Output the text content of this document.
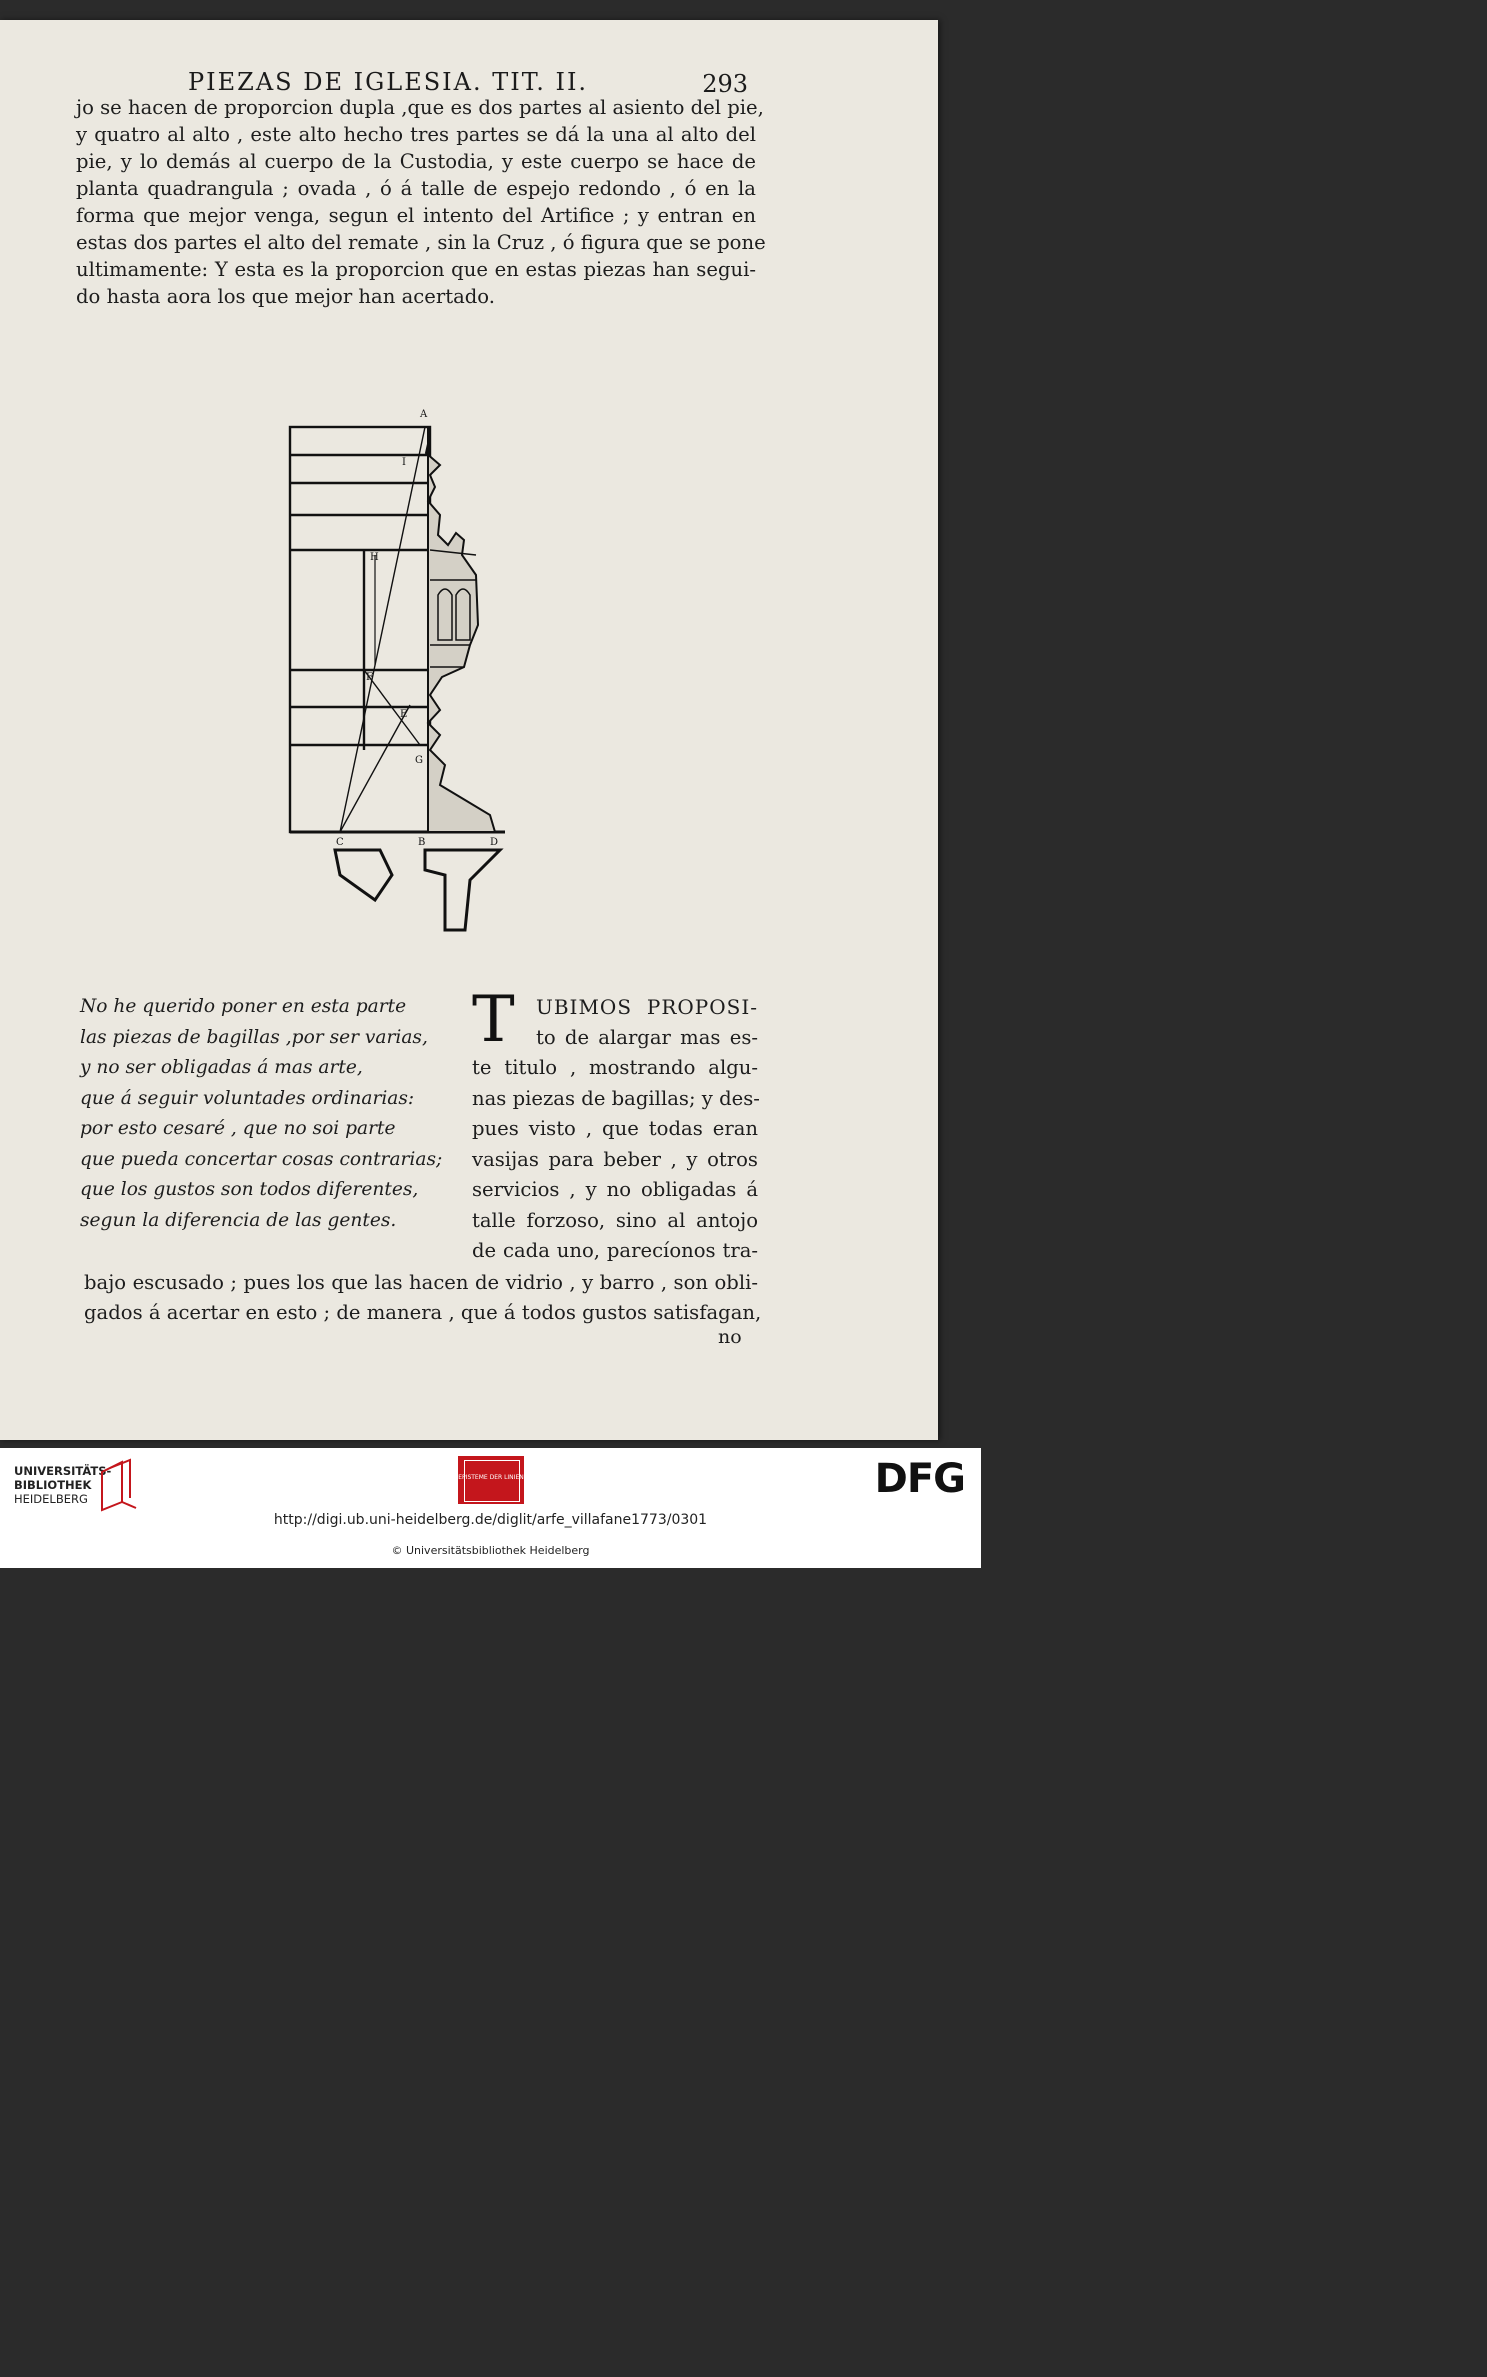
PIEZAS DE IGLESIA. TIT. II.	293
jo se hacen de proporcion dupla ,que es dos partes al asiento del pie,
y quatro al alto , este alto hecho tres partes se dá la una al alto del
pie, y lo demás al cuerpo de la Custodia, y este cuerpo se hace de
planta quadrangula ; ovada , ó á talle de espejo redondo , ó en la
forma que mejor venga, segun el intento del Artifice ; y entran en
estas dos partes el alto del remate , sin la Cruz , ó figura que se pone
ultimamente: Y esta es la proporcion que en estas piezas han segui-
do hasta aora los que mejor han acertado.
A
I
H
F
E
C	B	D
G
No he querido poner en esta parte
las piezas de bagillas ,por ser varias,
y no ser obligadas á mas arte,
que á seguir voluntades ordinarias:
por esto cesaré , que no soi parte
que pueda concertar cosas contrarias;
que los gustos son todos diferentes,
segun la diferencia de las gentes.
T	UBIMOS PROPOSI-
to de alargar mas es-
te titulo , mostrando algu-
nas piezas de bagillas; y des-
pues visto , que todas eran
vasijas para beber , y otros
servicios , y no obligadas á
talle forzoso, sino al antojo
de cada uno, parecíonos tra-
bajo escusado ; pues los que las hacen de vidrio , y barro , son obli-
gados á acertar en esto ; de manera , que á todos gustos satisfagan,
no
UNIVERSITÄTS-
BIBLIOTHEK
HEIDELBERG
EPISTEME DER LINIEN	DFG
http://digi.ub.uni-heidelberg.de/diglit/arfe_villafane1773/0301
© Universitätsbibliothek Heidelberg
